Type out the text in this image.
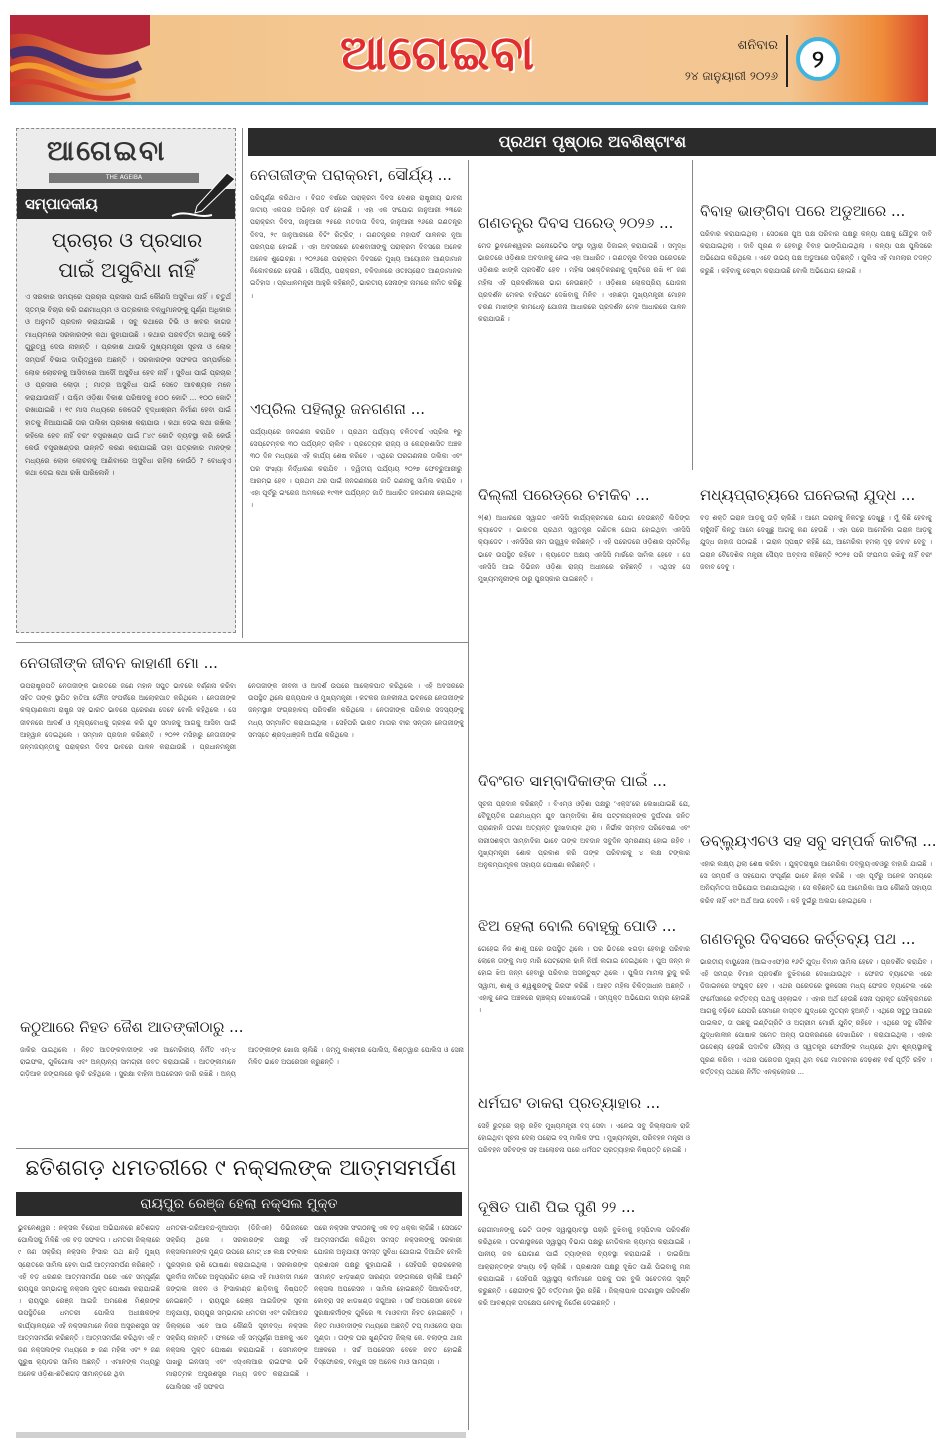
ଆଗେଇବା	ଶନିବାର
୨୪ ଜାନୁୟାରୀ ୨୦୨୬
୨
ଆଗେଇବା
THE AGEIBA
ସମ୍ପାଦକୀୟ
ପ୍ରଚାର ଓ ପ୍ରସାର
ପାଇଁ ଅସୁବିଧା ନାହିଁ
ଏ ସରକାର ସମୟରେ ପ୍ରଚାର ପ୍ରସାର ପାଇଁ କୌଣସି ଅସୁବିଧା ନାହିଁ । ଚତୁର୍ଥ ସ୍ତମ୍ଭ ବିଚାର କରି ଗଣମାଧ୍ୟମ ଓ ପତ୍ରକାର ବନ୍ଧୁମାନଙ୍କୁ ପୂର୍ଣ୍ଣ ଅଧିକାର ଓ ଅନୁମତି ପ୍ରଦାନ କରାଯାଇଛି । ସବୁ କଥାରେ ଟିଭି ଓ ଖବର କାଗଜ ମାଧ୍ୟମରେ ସରକାରଙ୍କ କଥା କୁହାଯାଉଛି । କଥାର ପରବର୍ତ୍ତୀ କଥାକୁ କେହି ଗୁରୁତ୍ୱ ଦେଉ ନାହାନ୍ତି । ପ୍ରକାଶ ଥାଉକି ମୁଖ୍ୟମନ୍ତ୍ରୀ ସୂଚନା ଓ ଲୋକ ସମ୍ପର୍କ ବିଭାଗ ଦାୟିତ୍ୱରେ ଅଛନ୍ତି । ସରକାରଙ୍କ ସଫଳତା ସମ୍ପର୍କରେ ଲୋକ ଲୋଚନକୁ ଆସିବାରେ ଆଦୌ ଅସୁବିଧା ହେବ ନାହିଁ । ସୁବିଧା ପାଇଁ ପ୍ରଚାର ଓ ପ୍ରସାର ଲୋଡ଼ା ; ମାତ୍ର ଅସୁବିଧା ପାଇଁ ସେତେ ଆବଶ୍ୟକ ମନେ କରାଯାଉନାହିଁ । ପଶ୍ଚିମ ଓଡ଼ିଶା ବିକାଶ ପରିଷଦକୁ ୫୦୦ କୋଟି ... ୧୦୦ କୋଟି ରଖାଯାଇଛି । ୧୯ ମାସ ମଧ୍ୟରେ କେତୋଟି ବୃଦ୍ଧାଶ୍ରମ ନିର୍ମାଣ ହେବା ପାଇଁ ହାତକୁ ନିଆଯାଇଛି ତାର ତାଲିକା ପ୍ରକାଶ କରାଯାଉ । କଥା ଦେଇ କଥା ରଖିଲ କହିଲେ ହେବ ନାହିଁ ବରଂ ବସ୍ତ୍ରଖଣ୍ଡ ପାଇଁ ୮୪୯ କୋଟି ବ୍ୟବସ୍ଥା କରି କେଉଁ କେଉଁ ବସ୍ତ୍ରଖଣ୍ଡର ଉନ୍ନତି କରଣ କରାଯାଇଛି ତାହା ପତ୍ରକାର ମାନଙ୍କ ମଧ୍ୟରେ ଲୋକ ଲୋଚନକୁ ଆଣିବାରେ ଅସୁବିଧା ରହିଲା କେଉଁଠି ? ବୋଧହୁଏ କଥା ଦେଇ କଥା ରଖି ପାରିଲେନି ।
ପ୍ରଥମ ପୃଷ୍ଠାର ଅବଶିଷ୍ଟାଂଶ
ନେତାଜୀଙ୍କ ପରାକ୍ରମ, ସୌର୍ଯ୍ୟ ...
ପରିପୂର୍ଣ୍ଣ କରିଥାଏ । ବିଗତ ବର୍ଷରେ ପରାକ୍ରମ ଦିବସ ଦେଶର ରାଷ୍ଟ୍ରୀୟ ଭାବନା ଜାତୀୟ ଏକତାର ଅଭିନ୍ନ ପର୍ବ ହୋଇଛି । ଏହା ଏକ ସଂଯୋଗ ଜାନୁଆରୀ ୨୩ରେ ପରାକ୍ରମ ଦିବସ, ଜାନୁଆରୀ ୨୫ରେ ମତଦାତା ଦିବସ, ଜାନୁଆରୀ ୨୬ରେ ଗଣତନ୍ତ୍ର ଦିବସ, ୨୯ ଜାନୁଆରୀରେ ବିଟିଂ ରିଟ୍ରିଟ୍ । ଗଣତନ୍ତ୍ରର ମହାପର୍ବ ପାଳନର ନୂଆ ପରମ୍ପରା ହୋଇଛି । ଏହା ଅବସରରେ ଦେଶବାସୀଙ୍କୁ ପରାକ୍ରମ ଦିବସରେ ଅନେକ ଅନେକ ଶୁଭେଚ୍ଛା । ୨୦୨୬ରେ ପରାକ୍ରମ ଦିବସରେ ମୁଖ୍ୟ ଆୟୋଜନ ଆଣ୍ଡାମାନ ନିକୋବରରେ ହେଉଛି । ସୌର୍ଯ୍ୟ, ପରାକ୍ରମ, ବଳିଦାନରେ ଓତଃପ୍ରୋତ ଆଣ୍ଡାମାନର ଇତିହାସ । ପ୍ରଧାନମନ୍ତ୍ରୀ ଆହୁରି କହିଛନ୍ତି, ଭାରତୀୟ ସେନାଙ୍କ ନାମରେ ନାମିତ କରିଛୁ ।
ଏପ୍ରିଲ ପହିଲାରୁ ଜନଗଣନା ...
ପର୍ଯ୍ୟାୟରେ ଜନଗଣନା କରାଯିବ । ପ୍ରଥମ ପର୍ଯ୍ୟାୟ ଚଳିତବର୍ଷ ଏପ୍ରିଲ ୧ରୁ ସେପ୍ଟେମ୍ବର ୩୦ ପର୍ଯ୍ୟନ୍ତ ଚାଲିବ । ପ୍ରତ୍ୟେକ ରାଜ୍ୟ ଓ କେନ୍ଦ୍ରଶାସିତ ଅଞ୍ଚଳ ୩୦ ଦିନ ମଧ୍ୟରେ ଏହି କାର୍ଯ୍ୟ ଶେଷ କରିବେ । ଏଥିରେ ଘରଗଣନାର ତାଲିକା ଏବଂ ଘର ସଂଖ୍ୟା ନିର୍ଦ୍ଧାରଣ କରାଯିବ । ଦ୍ୱିତୀୟ ପର୍ଯ୍ୟାୟ ୨୦୨୭ ଫେବ୍ରୁଆରୀରୁ ଆରମ୍ଭ ହେବ । ପ୍ରଥମ ଥର ପାଇଁ ଜନଗଣନାରେ ଜାତି ଗଣନାକୁ ସାମିଲ କରାଯିବ । ଏହା ପୂର୍ବରୁ ଇଂରେଜ ଅମଳରେ ୧୯୩୧ ପର୍ଯ୍ୟନ୍ତ ଜାତି ଆଧାରିତ ଜନଗଣନା ହୋଇଥିଲା ।
ଗଣତନ୍ତ୍ର ଦିବସ ପରେଡ୍ ୨୦୨୬ ...
ମେଡ ଭୁବନେଶ୍ୱରର ଇନୋଭେଟିଭ ସଂସ୍ଥା ଦ୍ୱାରା ଡିଜାଇନ୍ କରାଯାଇଛି । ସମୃଦ୍ଧ ଭାରତରେ ଓଡ଼ିଶାର ଅବଦାନକୁ ନେଇ ଏହା ଆଧାରିତ । ଗଣତନ୍ତ୍ର ଦିବସର ପରେଡରେ ଓଡ଼ିଶାର ଝାଙ୍କି ପ୍ରଦର୍ଶିତ ହେବ । ମହିଳା ସଶକ୍ତିକରଣକୁ ଦୃଷ୍ଟିରେ ରଖି ୧୮ ଜଣ ମହିଳା ଏହି ପ୍ରଦର୍ଶନୀରେ ଭାଗ ନେଉଛନ୍ତି । ଓଡ଼ିଶାର ଲୋକପ୍ରିୟ ଯୋଜନା ପ୍ରଦର୍ଶନ ମେଳର ବାହିପଟେ ଦେଖିବାକୁ ମିଳିବ । ଏହାଛଡ଼ା ମୁଖ୍ୟମନ୍ତ୍ରୀ ମୋହନ ଚରଣ ମାଝୀଙ୍କ କାମଧେନୁ ଯୋଜନା ଆଧାରରେ ପ୍ରଦର୍ଶନ ମେଳ ଆଧାରରେ ପାଳନ କରାଯାଉଛି ।
ଦିଲ୍ଲୀ ପରେଡ୍‌ରେ ଚମକିବ ...
୨(ଶ) ଆଧାରରେ ସ୍ୱାଗତ ଏନସିସି କାର୍ଯ୍ୟକ୍ରମରେ ଯୋଗ ଦେଉଛନ୍ତି ଲିଡିଙ୍ଗ କ୍ୟାଡେଟ । ଭାରତର ପ୍ରଥମ ସ୍ୱତନ୍ତ୍ର ଗଣିତଜ୍ଞ ଯୋଗ ହୋଇଥିବା ଏନସିସି କ୍ୟାଡେଟ । ଏନସିସିର ନାମ ଉଜ୍ଜ୍ୱଳ କରିଛନ୍ତି । ଏହି ପରେଡରେ ଓଡ଼ିଶାର ପ୍ରତିନିଧି ଭାବେ ଉପସ୍ଥିତ ରହିବେ । କ୍ୟାଡେଟ ଅକ୍ଷୟ ଏନସିସି ମାର୍ଚ୍ଚରେ ସାମିଲ ହେବେ । ସେ ଏନସିସି ଆଇ ଡିଭିଜନ ଓଡ଼ିଶା ରାଜ୍ୟ ଅଧୀନରେ ରହିଛନ୍ତି । ଏଥିସହ ସେ ମୁଖ୍ୟମନ୍ତ୍ରୀଙ୍କ ଠାରୁ ପୁରସ୍କାର ପାଇଛନ୍ତି ।
ଦିବଂଗତ ସାମ୍ବାଦିକାଙ୍କ ପାଇଁ ...
ସୂଚନା ପ୍ରଦାନ କରିଛନ୍ତି । ବିଏମ୍‌ଓ ଓଡ଼ିଶା ପକ୍ଷରୁ ‘ଏକ୍ସ’ରେ ଲେଖାଯାଇଛି ଯେ, ବୈଦ୍ୟୁତିକ ଗଣମାଧ୍ୟମ ଯୁବ ସାମ୍ବାଦିକା ଶିଳା ପଟ୍ଟନାୟକଙ୍କ ଦୁର୍ଘଟଣା ଜନିତ ପ୍ରାଣହାନି ଘଟଣା ଅତ୍ୟନ୍ତ ଦୁଃଖଦାୟକ ଥିଲା । ନିର୍ଭୀକ ସମ୍ବାଦ ପରିବେଷଣ ଏବଂ ନାରୀସଶକ୍ତୀ ସାମ୍ବାଦିକା ଭାବେ ତାଙ୍କ ଅବଦାନ ସବୁଦିନ ସ୍ମରଣୀୟ ହୋଇ ରହିବ । ମୁଖ୍ୟମନ୍ତ୍ରୀ ଶୋକ ପ୍ରକାଶ କରି ତାଙ୍କ ପରିବାରକୁ ୪ ଲକ୍ଷ ଟଙ୍କାର ଅନୁକମ୍ପାମୂଳକ ସହାୟତା ଘୋଷଣା କରିଛନ୍ତି ।
ଝିଅ ହେଲା ବୋଲି ବୋହୂକୁ ପୋଡି ...
ଗେହେଇ ନିଜ ଶାଶୂ ଘରେ ଉପସ୍ଥିତ ଥିଲେ । ଘର ଭିତରେ ଝଗଡ଼ା ହେବାରୁ ପରିବାର ଲୋକେ ତାଙ୍କୁ ମାଡ଼ ମାରି ପେଟ୍ରୋଲ ଢାଳି ନିଆଁ ଲଗାଇ ଦେଇଥିଲେ । ପୁଅ ଜନ୍ମ ନ ହୋଇ ଝିଅ ଜନ୍ମ ହେବାରୁ ପରିବାର ଅସନ୍ତୁଷ୍ଟ ଥିଲେ । ପୁଲିସ ମାମଲା ରୁଜୁ କରି ସ୍ୱାମୀ, ଶାଶୂ ଓ ଶ୍ୱଶୁରଙ୍କୁ ଗିରଫ କରିଛି । ଆହତ ମହିଳା ଚିକିତ୍ସାଧୀନ ଅଛନ୍ତି । ଏହାକୁ ନେଇ ଅଞ୍ଚଳରେ ଚାଞ୍ଚଲ୍ୟ ଦେଖାଦେଇଛି । ସମ୍ପୃକ୍ତ ଅଭିଯୋଗ ଦାୟର ହୋଇଛି ।
ଧର୍ମଘଟ ଡାକରା ପ୍ରତ୍ୟାହାର ...
ସେହି ରୁଟ୍‌ରେ ଚାଲୁ ରହିବ ମୁଖ୍ୟମନ୍ତ୍ରୀ ବସ୍ ସେବା । ଏନେଇ ସବୁ ଜିଲ୍ଲାପାଳ ରାଜି ହୋଇଥିବା ସୂଚନା ଦେଲା ଘରୋଇ ବସ୍ ମାଲିକ ସଂଘ । ମୁଖ୍ୟମନ୍ତ୍ରୀ, ପରିବହନ ମନ୍ତ୍ରୀ ଓ ପରିବହନ ସଚିବଙ୍କ ସହ ଆଲୋଚନା ପରେ ଧର୍ମଘଟ ପ୍ରତ୍ୟାହାର ନିଷ୍ପତ୍ତି ହୋଇଛି ।
ଦୂଷିତ ପାଣି ପିଇ ପୁଣି ୨୨ ...
ରୋଗୀମାନଙ୍କୁ ଭେଟି ତାଙ୍କ ସ୍ୱାସ୍ଥ୍ୟାବସ୍ଥା ପଚାରି ବୁଝିବାକୁ ହସ୍ପିଟାଲ ପରିଦର୍ଶନ କରିଥିଲେ । ଘଟଣାସ୍ଥଳରେ ସ୍ୱାସ୍ଥ୍ୟ ବିଭାଗ ପକ୍ଷରୁ ମେଡିକାଲ କ୍ୟାମ୍ପ କରାଯାଇଛି । ପାନୀୟ ଜଳ ଯୋଗାଣ ପାଇଁ ଟ୍ୟାଙ୍କର ବ୍ୟବସ୍ଥା କରାଯାଇଛି । ଡାଇରିଆ ଆକ୍ରାନ୍ତଙ୍କ ସଂଖ୍ୟା ବଢ଼ି ଚାଲିଛି । ପ୍ରଶାସନ ପକ୍ଷରୁ ଦୂଷିତ ପାଣି ପିଇବାକୁ ମନା କରାଯାଇଛି । ସେହିପରି ସ୍ୱାସ୍ଥ୍ୟ କର୍ମୀମାନେ ଘରକୁ ଘର ବୁଲି ସଚେତନତା ସୃଷ୍ଟି କରୁଛନ୍ତି । ରୋଗୀଙ୍କ ସ୍ଥିତି ବର୍ତ୍ତମାନ ସ୍ଥିର ରହିଛି । ଜିଲ୍ଲାପାଳ ଘଟଣାସ୍ଥଳ ପରିଦର୍ଶନ କରି ଆବଶ୍ୟକ ପଦକ୍ଷେପ ନେବାକୁ ନିର୍ଦ୍ଦେଶ ଦେଇଛନ୍ତି ।
ବିବାହ ଭାଙ୍ଗିବା ପରେ ଅଡୁଆରେ ...
ପରିବାର କରାଯାଇଥିଲା । ସେଠାରେ ପୁଅ ପକ୍ଷ ପରିବାର ପକ୍ଷରୁ କନ୍ୟା ପକ୍ଷକୁ ଯୌତୁକ ଦାବି କରାଯାଇଥିଲା । ଦାବି ପୂରଣ ନ ହେବାରୁ ବିବାହ ଭାଙ୍ଗିଯାଇଥିଲା । କନ୍ୟା ପକ୍ଷ ପୁଲିସରେ ଅଭିଯୋଗ କରିଥିଲେ । ଏବେ ଉଭୟ ପକ୍ଷ ଅଡୁଆରେ ପଡ଼ିଛନ୍ତି । ପୁଲିସ ଏହି ମାମଲାର ତଦନ୍ତ କରୁଛି । କହିବାକୁ ଚେଷ୍ଟା କରାଯାଉଛି ବୋଲି ଅଭିଯୋଗ ହୋଇଛି ।
ମଧ୍ୟପ୍ରାଚ୍ୟରେ ଘନେଇଲା ଯୁଦ୍ଧ ...
ବଡ଼ ଶକ୍ତି ଇରାନ ଆଡ଼କୁ ଉଡ଼ି ଚାଲିଛି । ଆମେ ଇରାନକୁ ନିକଟରୁ ଦେଖୁଛୁ । ମୁଁ କିଛି ହେବାକୁ ଚାହୁଁନାହିଁ କିନ୍ତୁ ଆମେ ଦେଖୁଛୁ ଆଗକୁ କଣ ହେଉଛି । ଏହା ପରେ ଆମେରିକା ଇରାନ ଆଡ଼କୁ ଯୁଦ୍ଧ ଜାହାଜ ପଠାଇଛି । ଇରାନ ସ୍ପଷ୍ଟ କହିଛି ଯେ, ଆମେରିକା ହମଲା ଦୃଢ଼ ଜବାବ ଦେବୁ । ଇରାନ ବୈଦେଶିକ ମନ୍ତ୍ରୀ ସୈୟଦ ଅବ୍ବାସ କହିଛନ୍ତି ୨୦୨୫ ପରି ସଂଯମତା ରଖିବୁ ନାହିଁ ବରଂ ଜବାବ ଦେବୁ ।
ଡବ୍ଲ୍ୟୁଏଚଓ ସହ ସବୁ ସମ୍ପର୍କ କାଟିଲା ...
ଏହାର ଲକ୍ଷ୍ୟ ଥିଲା ଶେଷ କରିବା । ଯୁକ୍ତରାଷ୍ଟ୍ର ଆମେରିକା ଡବ୍ଲ୍ୟୁଏଚଓରୁ ବାହାରି ଯାଇଛି । ସେ ସମ୍ପର୍କ ଓ ସହଯୋଗ ସଂପୂର୍ଣ୍ଣ ଭାବେ ଛିନ୍ନ କରିଛି । ଏହା ପୂର୍ବରୁ ଅନେକ ସମୟରେ ଅନିୟମିତତା ଅଭିଯୋଗ ଅଣାଯାଇଥିଲା । ସେ କହିଛନ୍ତି ଯେ ଆମେରିକା ଆଉ କୌଣସି ସହାୟତା କରିବ ନାହିଁ ଏବଂ ଅର୍ଥ ଆଉ ଦେବନି । କହି ଦୁଇଁରୁ ଅଲଗା ହୋଇଥିଲେ ।
ଗଣତନ୍ତ୍ର ଦିବସରେ କର୍ତ୍ତବ୍ୟ ପଥ ...
ଭାରତୀୟ ବାୟୁସେନା (ଆଇଏଏଫ)ର ୧୬ଟି ଯୁଦ୍ଧ ବିମାନ ସାମିଲ ହେବେ । ପ୍ରଦର୍ଶିତ କରାଯିବ । ଏହି ସମଗ୍ର ବିମାନ ପ୍ରଦର୍ଶନ ବୁଝିବାରେ ଦେଖାଯାଉଥିବ । ଫେଜଡ ବ୍ୟାଟେଲ ଏରେ ଡିଜାଇନରେ ସଂଯୁକ୍ତ ହେବ । ଏଥର ପରେଡରେ ସ୍ଥଳସେନା ମଧ୍ୟ ଫେଜଡ ବ୍ୟାଟେଲ ଏରେ ଫର୍ମେସନରେ କର୍ତ୍ତବ୍ୟ ପଥକୁ ଓହ୍ଲାଇବ । ଏହାର ଅର୍ଥ ହେଉଛି ସେନା ପ୍ରାକୃତ ସେହିକ୍ରମରେ ଆଗକୁ ବଢ଼ିବେ ଯେପରି ସେମାନେ ବାସ୍ତବ ଯୁଦ୍ଧରେ ମୁତୟନ ହୁଅନ୍ତି । ଏଥିରେ ସବୁଠୁ ଆଗରେ ପାଇଲଟ, ତା ପଛକୁ ଇଣ୍ଟିଗ୍ରିଟି ଓ ଅଗ୍ରୀମ ମୋର୍ଚ୍ଚା ଯୁନିଟ୍ ରହିବେ । ଏଥିରେ ସବୁ ସୈନିକ ଯୁଦ୍ଧକାଳୀନ ପୋଷାକ ସମେତ ଅନ୍ୟ ଉପକରଣରେ ଦେଖାଯିବେ । କରାଯାଇଥିଲା । ଏହାର ଉଦ୍ଦେଶ୍ୟ ହେଉଛି ପଦାତିକ ସୈନ୍ୟ ଓ ସ୍ୱତନ୍ତ୍ର ଫୋର୍ସଙ୍କ ମଧ୍ୟରେ ଥିବା ଶୂନ୍ୟସ୍ଥାନକୁ ପୂରଣ କରିବା । ଏଥର ପରେଡର ମୁଖ୍ୟ ଥିମ ବନ୍ଦେ ମାତରମର ଦେଢ଼ଶହ ବର୍ଷ ପୂର୍ତ୍ତି ରହିବ । କର୍ତ୍ତବ୍ୟ ପଥରେ ନିର୍ମିତ ଏନକ୍ଲୋଜର ...
ନେତାଜୀଙ୍କ ଜୀବନ କାହାଣୀ ମୋ ...
ଉପରାଷ୍ଟ୍ରପତି ନେତାଜୀଙ୍କ ଭାରତରେ ଜଣେ ମହାନ ସପୁତ ଭାବରେ ବର୍ଣ୍ଣନା କରିବା ସହିତ ତାଙ୍କ ସ୍ଥାପିତ ହାତିଆ ଫୌଜ ସଂପର୍କରେ ଆଲୋକପାତ କରିଥିଲେ । ନେତାଜୀଙ୍କ କଲ୍ୟାଣକାମୀ ରାଷ୍ଟ୍ର ସହ ଭାରତ ଭାବରେ ପ୍ରେରଣା ଦେବେ ବୋଲି କହିଥିଲେ । ସେ ଜୀବନରେ ଆଦର୍ଶ ଓ ମୂଲ୍ୟବୋଧକୁ ଗ୍ରହଣ କରି ଯୁବ ସମାଜକୁ ଆଗକୁ ଆସିବା ପାଇଁ ଆହ୍ୱାନ ଦେଇଥିଲେ । ସମ୍ମାନ ପ୍ରଦାନ କରିଛନ୍ତି । ୨୦୨୧ ମସିହାରୁ ନେତାଜୀଙ୍କ ଜନ୍ମଜୟନ୍ତୀକୁ ପରାକ୍ରମ ଦିବସ ଭାବରେ ପାଳନ କରାଯାଉଛି । ପ୍ରଧାନମନ୍ତ୍ରୀ ନେତାଜୀଙ୍କ ଜୀବନୀ ଓ ଆଦର୍ଶ ଉପରେ ଆଲୋକପାତ କରିଥିଲେ । ଏହି ଅବସରରେ ଉପସ୍ଥିତ ଥିଲେ ରାଜ୍ୟପାଳ ଓ ମୁଖ୍ୟମନ୍ତ୍ରୀ । କଟକର ଜାନକୀନାଥ ଭବନରେ ନେତାଜୀଙ୍କ ଜନ୍ମସ୍ଥାନ ସଂଗ୍ରହାଳୟ ପରିଦର୍ଶନ କରିଥିଲେ । ନେତାଜୀଙ୍କ ପରିବାର ସଦସ୍ୟଙ୍କୁ ମଧ୍ୟ ସମ୍ମାନିତ କରାଯାଇଥିଲା । ସେହିପରି ଭାରତ ମାତାର ବୀର ସନ୍ତାନ ନେତାଜୀଙ୍କୁ ସମସ୍ତେ ଶ୍ରଦ୍ଧାଞ୍ଜଳି ଅର୍ପଣ କରିଥିଲେ ।
କଠୁଆରେ ନିହତ ଜୈଶ ଆତଙ୍କୀଠାରୁ ...
ଜାକିର ପାଇଥିଲେ । ନିହତ ଆତଙ୍କବାଦୀଙ୍କ ଏକ ଆମେରିକୀୟ ନିର୍ମିତ ଏମ୍-୪ ରାଇଫଲ, ଗୁଳିଗୋଳା ଏବଂ ଅନ୍ୟାନ୍ୟ ସାମଗ୍ରୀ ଜବତ କରାଯାଇଛି । ଆତଙ୍କୀମାନେ ଗଡ଼ିଆଳ ଜଙ୍ଗଲରେ ଲୁଚି ରହିଥିଲେ । ସୁରକ୍ଷା ବାହିନୀ ଅପରେସନ ଜାରି ରଖିଛି । ଅନ୍ୟ ଆତଙ୍କୀଙ୍କ ଖୋଜା ଚାଲିଛି । ଜମ୍ମୁ କାଶ୍ମୀର ପୋଲିସ, କିଶ୍ତୱାର ପୋଲିସ ଓ ସେନା ମିଳିତ ଭାବେ ଅପରେସନ କରୁଛନ୍ତି ।
ଛତିଶଗଡ଼ ଧମତରୀରେ ୯ ନକ୍ସଲଙ୍କ ଆତ୍ମସମର୍ପଣ
ରାୟପୁର ରେଞ୍ଜ ହେଲା ନକ୍ସଲ ମୁକ୍ତ
ଭୁବନେଶ୍ୱର : ନକ୍ସଲ ବିରୋଧୀ ଅଭିଯାନରେ ଛତିଶଗଡ଼ ପୋଲିସକୁ ମିଳିଛି ଏକ ବଡ଼ ସଫଳତା । ଧମତରୀ ଜିଲ୍ଲାରେ ୯ ଜଣ ସକ୍ରିୟ ନକ୍ସଲ ହିଂସାର ପଥ ଛାଡ଼ି ମୁଖ୍ୟ ସ୍ରୋତରେ ସାମିଲ ହେବା ପାଇଁ ଆତ୍ମସମର୍ପଣ କରିଛନ୍ତି । ଏହି ବଡ଼ ଧରଣର ଆତ୍ମସମର୍ପଣ ପରେ ଏବେ ସମ୍ପୂର୍ଣ୍ଣ ରାୟପୁର ସମ୍ଭାଗକୁ ନକ୍ସଲ ମୁକ୍ତ ଘୋଷଣା କରାଯାଇଛି । ରାୟପୁର ରେଞ୍ଜ ଆଇଜି ଅମରେଶ ମିଶ୍ରଙ୍କ ଉପସ୍ଥିତିରେ ଧମତରୀ ପୋଲିସ ଅଧୀକ୍ଷକଙ୍କ କାର୍ଯ୍ୟାଳୟରେ ଏହି ନକ୍ସଲମାନେ ନିଜର ଅସ୍ତ୍ରଶସ୍ତ୍ର ସହ ଆତ୍ମସମର୍ପଣ କରିଛନ୍ତି । ଆତ୍ମସମର୍ପଣ କରିଥିବା ଏହି ୯ ଜଣ ନକ୍ସଲଙ୍କ ମଧ୍ୟରେ ୭ ଜଣ ମହିଳା ଏବଂ ୨ ଜଣ ପୁରୁଷ କ୍ୟାଡର ସାମିଲ ଅଛନ୍ତି । ଏମାନଙ୍କ ମଧ୍ୟରୁ ଅନେକ ଓଡ଼ିଶା-ଛତିଶଗଡ଼ ସୀମାନ୍ତରେ ଥିବା
ଧମତରୀ-ଗରିଆବନ୍ଦ-ନୂଆପଡ଼ା (ଡିଜିଏନ) ଡିଭିଜନରେ ସକ୍ରିୟ ଥିଲେ । ସରକାରଙ୍କ ପକ୍ଷରୁ ଏହି ନକ୍ସଲମାନଙ୍କ ମୁଣ୍ଡ ଉପରେ ମୋଟ୍ ୪୭ ଲକ୍ଷ ଟଙ୍କାର ପୁରସ୍କାର ରାଶି ଘୋଷଣା କରାଯାଇଥିଲା । ସରକାରଙ୍କ ପୁନର୍ବାସ ନୀତିରେ ଅନୁପ୍ରାଣିତ ହୋଇ ଏହି ମାଓବାଦୀ ମାନେ ଜଙ୍ଗଲ ଜୀବନ ଓ ହିଂସାକାଣ୍ଡ ଛାଡ଼ିବାକୁ ନିଷ୍ପତ୍ତି ନେଇଛନ୍ତି । ରାୟପୁର ରେଞ୍ଜ ଆଇଜିଙ୍କ ସୂଚନା ଅନୁଯାୟୀ, ରାୟପୁର ସମ୍ଭାଗର ଧମତରୀ ଏବଂ ଗରିଆବନ୍ଦ ଜିଲ୍ଲାରେ ଏବେ ଆଉ କୌଣସି ସୂଚୀବଦ୍ଧ ନକ୍ସଲ ସକ୍ରିୟ ନାହାନ୍ତି । ଫଳରେ ଏହି ସମ୍ପୂର୍ଣ୍ଣ ଅଞ୍ଚଳକୁ ଏବେ ନକ୍ସଲ ମୁକ୍ତ ଘୋଷଣା କରାଯାଇଛି । ସେମାନଙ୍କ ପାଖରୁ ଇନସାସ୍ ଏବଂ ଏସ୍‌ଏଲଆର ରାଇଫଲ ଭଳି ମାରାତ୍ମକ ଅସ୍ତ୍ରଶସ୍ତ୍ର ମଧ୍ୟ ଜବତ କରାଯାଇଛି । ପୋଲିସର ଏହି ସଫଳତା
ପରେ ନକ୍ସଲ ସଂଗଠନକୁ ଏକ ବଡ଼ ଧକ୍କା ଲାଗିଛି । ସେପଟେ ଆତ୍ମସମର୍ପଣ କରିଥିବା ସମସ୍ତ ନକ୍ସଲଙ୍କୁ ସରକାରୀ ଯୋଜନା ଅନୁଯାୟୀ ସମସ୍ତ ସୁବିଧା ଯୋଗାଇ ଦିଆଯିବ ବୋଲି ପ୍ରଶାସନ ପକ୍ଷରୁ କୁହାଯାଇଛି । ସେହିପରି ରାଉରକେଲା ସୀମାନ୍ତ ଝାଡ଼ଖଣ୍ଡ ସାରଣ୍ଡା ଜଙ୍ଗଲରେ ଚାଲିଛି ଆଣ୍ଟି ନକ୍ସଲ ଅପରେସନ । ସାମିଲ ହୋଇଛନ୍ତି ସିଆରପିଏଫ, କୋବ୍ରା ସହ ଝାଡଖଣ୍ଡ ଜଗୁଆର । ସର୍ଚ୍ଚ ଅପରେସନ ବେଳେ ସୁରକ୍ଷାକର୍ମୀଙ୍କ ଗୁଳିରେ ୩ ମାଓବାଦୀ ନିହତ ହୋଇଛନ୍ତି । ନିହତ ମାଓବାଦୀଙ୍କ ମଧ୍ୟରେ ଅଛନ୍ତି ଟପ୍ ମାଓନେତା ରାପା ମୁଣ୍ଡା । ତାଙ୍କ ଘର ଖୁଣ୍ଟିଗଡ଼ ଜିଲ୍ଲା କେ. ବଲାଙ୍ଗ ଥାନା ଅଞ୍ଚଳରେ । ସର୍ଚ୍ଚ ଅପରେସନ ବେଳେ ଜବତ ହୋଇଛି ବିସ୍ଫୋରକ, ବନ୍ଧୁକ ସହ ଅନେକ ମାଓ ସାମଗ୍ରୀ ।
